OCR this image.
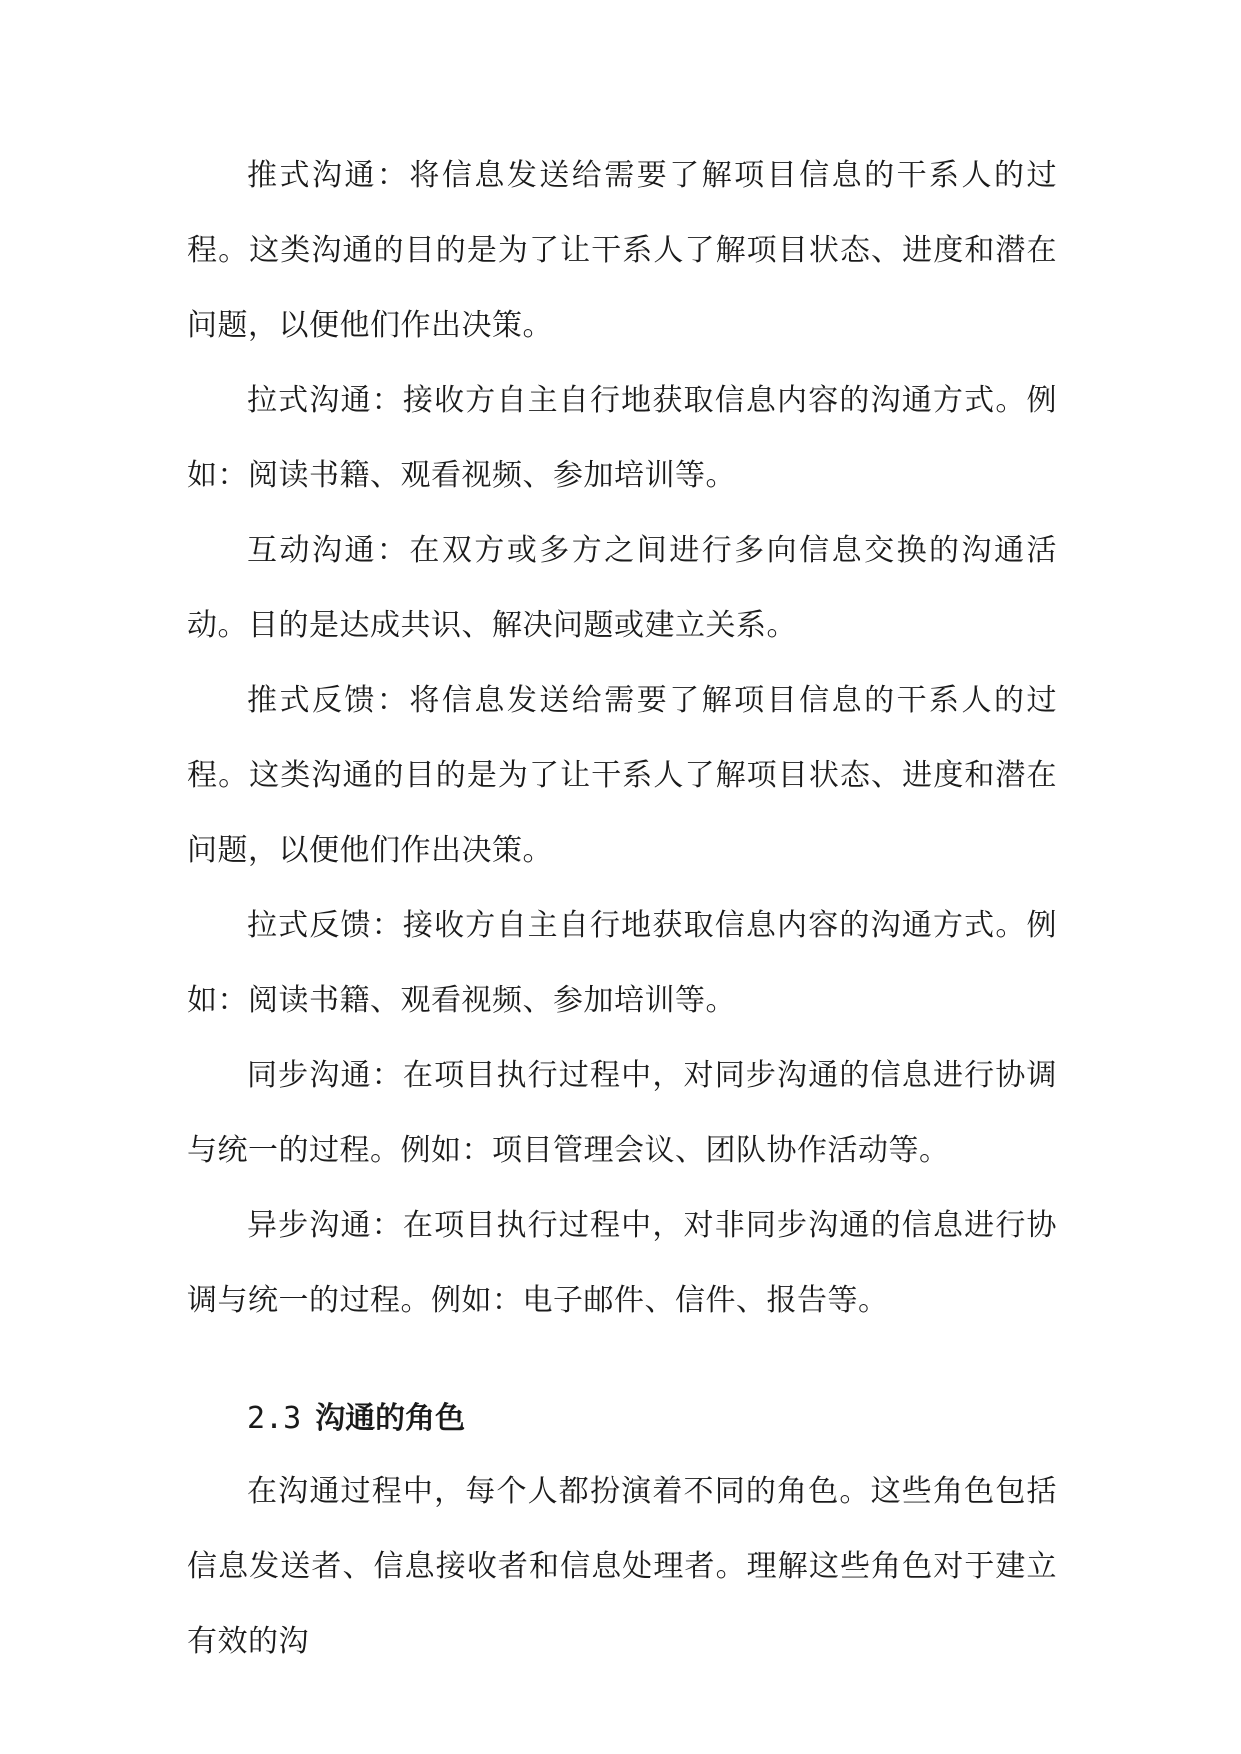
推式沟通：将信息发送给需要了解项目信息的干系人的过程。这类沟通的目的是为了让干系人了解项目状态、进度和潜在问题，以便他们作出决策。

拉式沟通：接收方自主自行地获取信息内容的沟通方式。例如：阅读书籍、观看视频、参加培训等。

互动沟通：在双方或多方之间进行多向信息交换的沟通活动。目的是达成共识、解决问题或建立关系。

推式反馈：将信息发送给需要了解项目信息的干系人的过程。这类沟通的目的是为了让干系人了解项目状态、进度和潜在问题，以便他们作出决策。

拉式反馈：接收方自主自行地获取信息内容的沟通方式。例如：阅读书籍、观看视频、参加培训等。

同步沟通：在项目执行过程中，对同步沟通的信息进行协调与统一的过程。例如：项目管理会议、团队协作活动等。

异步沟通：在项目执行过程中，对非同步沟通的信息进行协调与统一的过程。例如：电子邮件、信件、报告等。

2.3 沟通的角色

在沟通过程中，每个人都扮演着不同的角色。这些角色包括信息发送者、信息接收者和信息处理者。理解这些角色对于建立有效的沟
